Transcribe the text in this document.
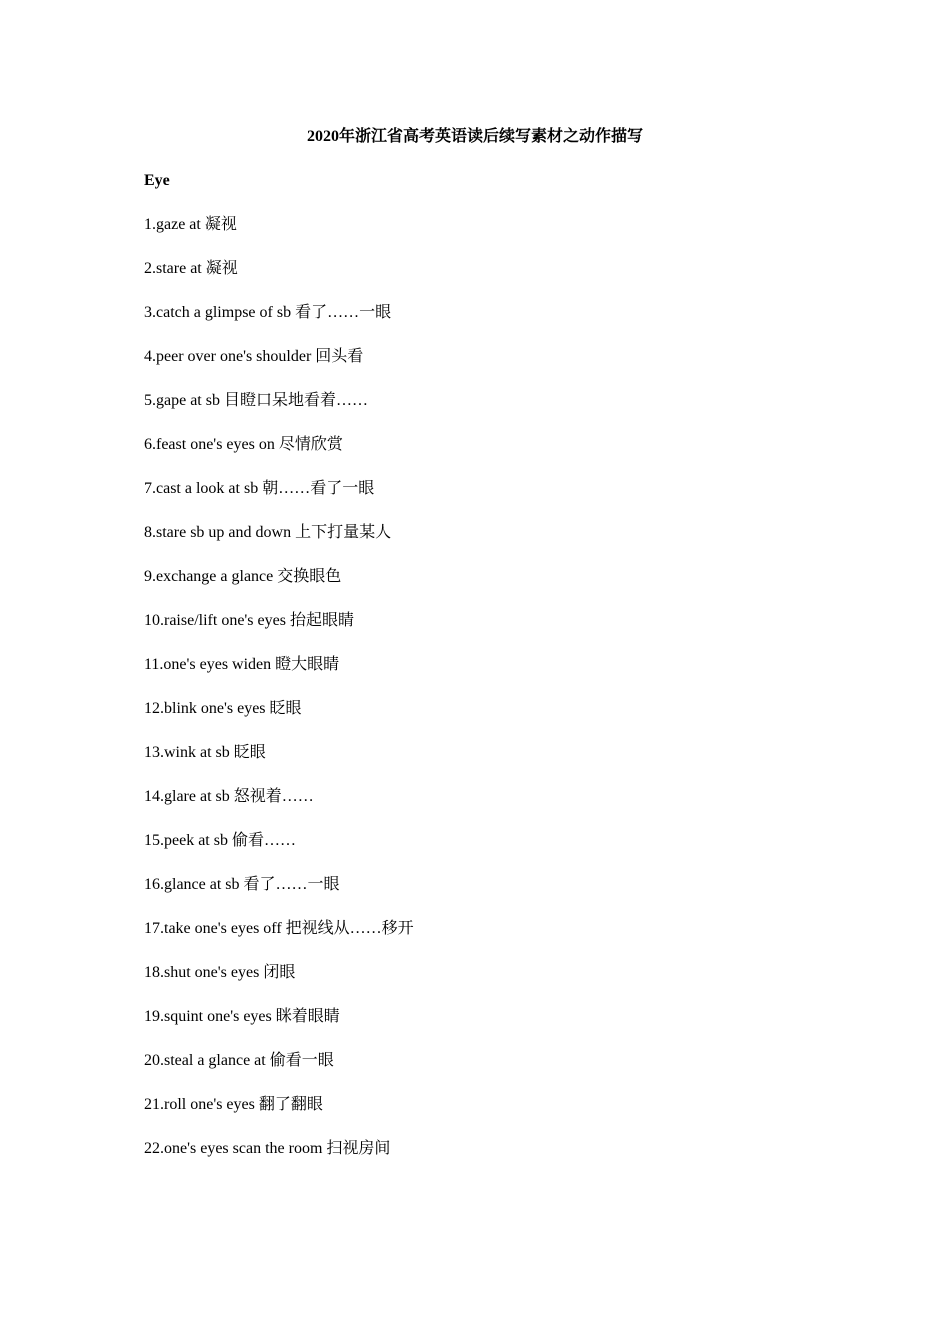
2020年浙江省高考英语读后续写素材之动作描写
Eye
1.gaze at 凝视
2.stare at 凝视
3.catch a glimpse of sb 看了……一眼
4.peer over one's shoulder 回头看
5.gape at sb 目瞪口呆地看着……
6.feast one's eyes on 尽情欣赏
7.cast a look at sb 朝……看了一眼
8.stare sb up and down 上下打量某人
9.exchange a glance 交换眼色
10.raise/lift one's eyes 抬起眼睛
11.one's eyes widen 瞪大眼睛
12.blink one's eyes 眨眼
13.wink at sb 眨眼
14.glare at sb 怒视着……
15.peek at sb 偷看……
16.glance at sb 看了……一眼
17.take one's eyes off 把视线从……移开
18.shut one's eyes 闭眼
19.squint one's eyes 眯着眼睛
20.steal a glance at 偷看一眼
21.roll one's eyes 翻了翻眼
22.one's eyes scan the room 扫视房间
